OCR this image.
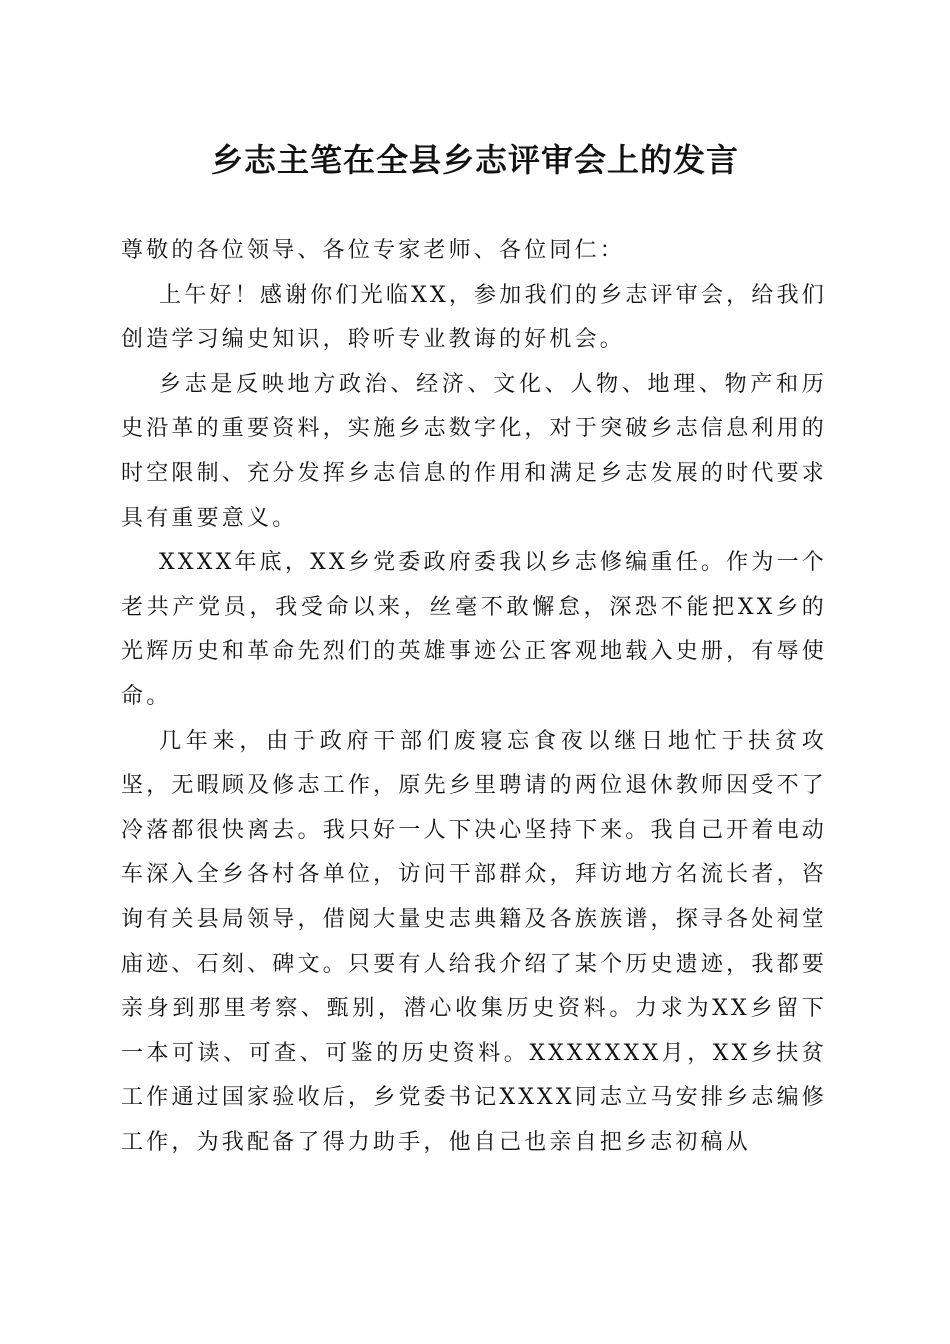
乡志主笔在全县乡志评审会上的发言

尊敬的各位领导、各位专家老师、各位同仁：

上午好！感谢你们光临XX，参加我们的乡志评审会，给我们创造学习编史知识，聆听专业教诲的好机会。

乡志是反映地方政治、经济、文化、人物、地理、物产和历史沿革的重要资料，实施乡志数字化，对于突破乡志信息利用的时空限制、充分发挥乡志信息的作用和满足乡志发展的时代要求具有重要意义。

XXXX年底，XX乡党委政府委我以乡志修编重任。作为一个老共产党员，我受命以来，丝毫不敢懈怠，深恐不能把XX乡的光辉历史和革命先烈们的英雄事迹公正客观地载入史册，有辱使命。

几年来，由于政府干部们废寝忘食夜以继日地忙于扶贫攻坚，无暇顾及修志工作，原先乡里聘请的两位退休教师因受不了冷落都很快离去。我只好一人下决心坚持下来。我自己开着电动车深入全乡各村各单位，访问干部群众，拜访地方名流长者，咨询有关县局领导，借阅大量史志典籍及各族族谱，探寻各处祠堂庙迹、石刻、碑文。只要有人给我介绍了某个历史遗迹，我都要亲身到那里考察、甄别，潜心收集历史资料。力求为XX乡留下一本可读、可查、可鉴的历史资料。XXXXXXX月，XX乡扶贫工作通过国家验收后，乡党委书记XXXX同志立马安排乡志编修工作，为我配备了得力助手，他自己也亲自把乡志初稿从
